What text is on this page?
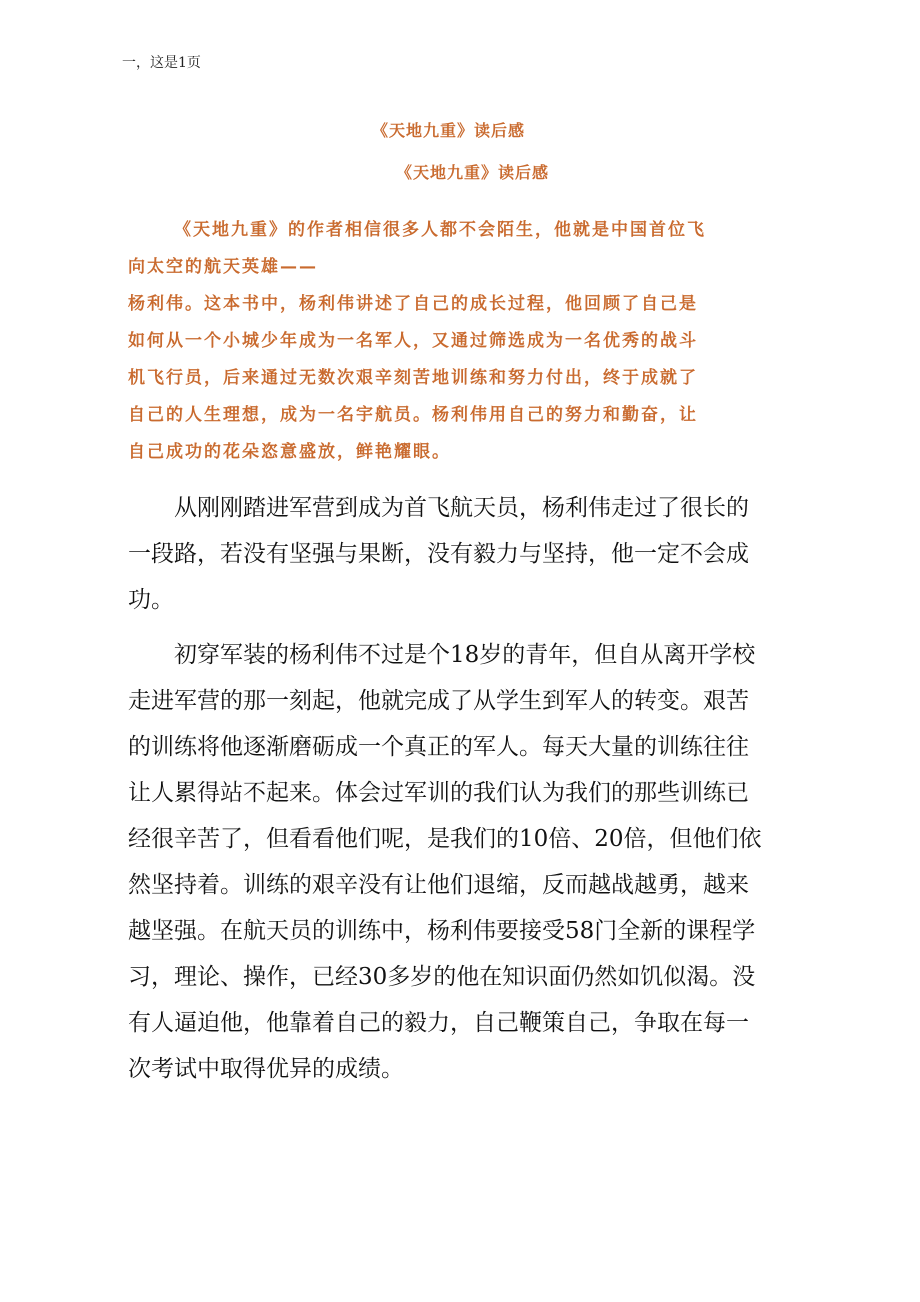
一，这是1页

《天地九重》读后感
《天地九重》读后感
《天地九重》的作者相信很多人都不会陌生，他就是中国首位飞
向太空的航天英雄——
杨利伟。这本书中，杨利伟讲述了自己的成长过程，他回顾了自己是
如何从一个小城少年成为一名军人，又通过筛选成为一名优秀的战斗
机飞行员，后来通过无数次艰辛刻苦地训练和努力付出，终于成就了
自己的人生理想，成为一名宇航员。杨利伟用自己的努力和勤奋，让
自己成功的花朵恣意盛放，鲜艳耀眼。
从刚刚踏进军营到成为首飞航天员，杨利伟走过了很长的
一段路，若没有坚强与果断，没有毅力与坚持，他一定不会成
功。
初穿军装的杨利伟不过是个18岁的青年，但自从离开学校
走进军营的那一刻起，他就完成了从学生到军人的转变。艰苦
的训练将他逐渐磨砺成一个真正的军人。每天大量的训练往往
让人累得站不起来。体会过军训的我们认为我们的那些训练已
经很辛苦了，但看看他们呢，是我们的10倍、20倍，但他们依
然坚持着。训练的艰辛没有让他们退缩，反而越战越勇，越来
越坚强。在航天员的训练中，杨利伟要接受58门全新的课程学
习，理论、操作，已经30多岁的他在知识面仍然如饥似渴。没
有人逼迫他，他靠着自己的毅力，自己鞭策自己，争取在每一
次考试中取得优异的成绩。
